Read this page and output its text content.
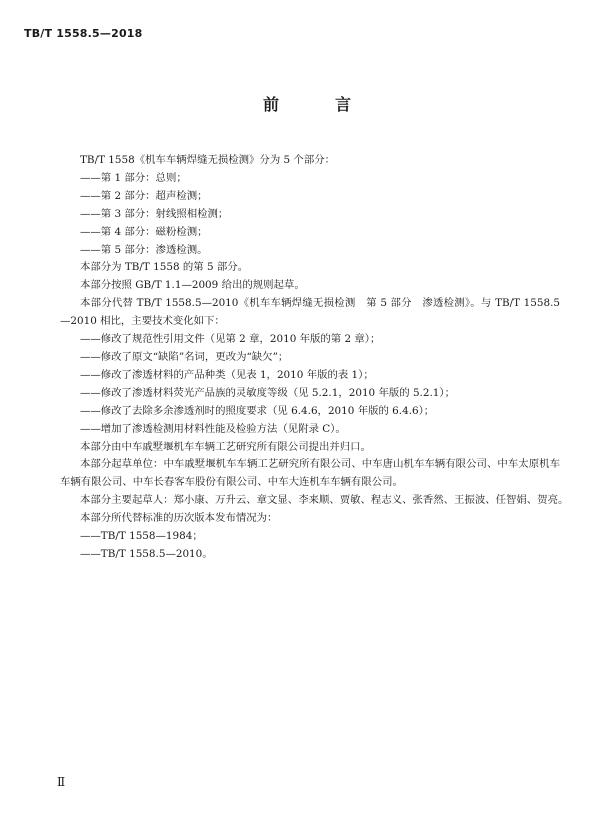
TB/T 1558.5—2018
前　言

TB/T 1558《机车车辆焊缝无损检测》分为 5 个部分：

——第 1 部分：总则；

——第 2 部分：超声检测；

——第 3 部分：射线照相检测；

——第 4 部分：磁粉检测；

——第 5 部分：渗透检测。

本部分为 TB/T 1558 的第 5 部分。

本部分按照 GB/T 1.1—2009 给出的规则起草。

本部分代替 TB/T 1558.5—2010《机车车辆焊缝无损检测　第 5 部分　渗透检测》。与 TB/T 1558.5—2010 相比，主要技术变化如下：

——修改了规范性引用文件（见第 2 章，2010 年版的第 2 章）；

——修改了原文“缺陷”名词，更改为“缺欠”；

——修改了渗透材料的产品种类（见表 1，2010 年版的表 1）；

——修改了渗透材料荧光产品族的灵敏度等级（见 5.2.1，2010 年版的 5.2.1）；

——修改了去除多余渗透剂时的照度要求（见 6.4.6，2010 年版的 6.4.6）；

——增加了渗透检测用材料性能及检验方法（见附录 C）。

本部分由中车戚墅堰机车车辆工艺研究所有限公司提出并归口。

本部分起草单位：中车戚墅堰机车车辆工艺研究所有限公司、中车唐山机车车辆有限公司、中车太原机车车辆有限公司、中车长春客车股份有限公司、中车大连机车车辆有限公司。

本部分主要起草人：郑小康、万升云、章文显、李来顺、贾敏、程志义、张香然、王振波、任智娟、贺亮。

本部分所代替标准的历次版本发布情况为：

——TB/T 1558—1984；

——TB/T 1558.5—2010。

Ⅱ
